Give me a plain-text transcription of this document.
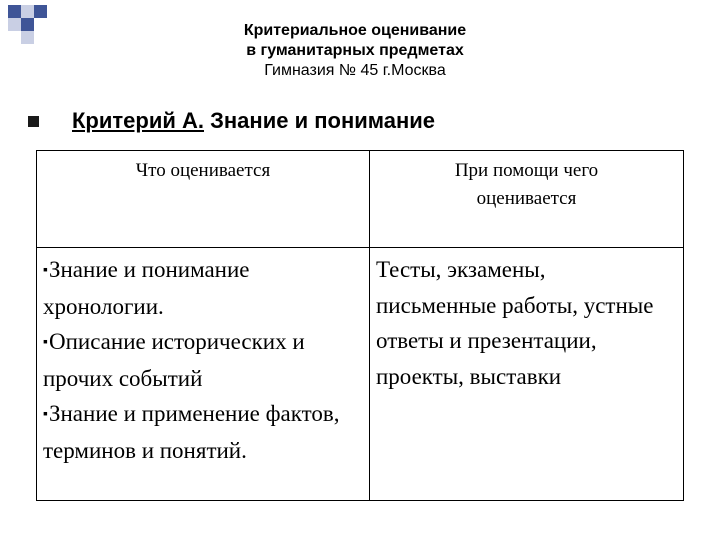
Критериальное оценивание
в гуманитарных предметах
Гимназия № 45 г.Москва
Критерий А. Знание и понимание
Что оценивается	При помощи чего оценивается

▪Знание и понимание хронологии.
▪Описание исторических и прочих событий
▪Знание и применение фактов, терминов и понятий.	Тесты, экзамены, письменные работы, устные ответы и презентации, проекты, выставки
